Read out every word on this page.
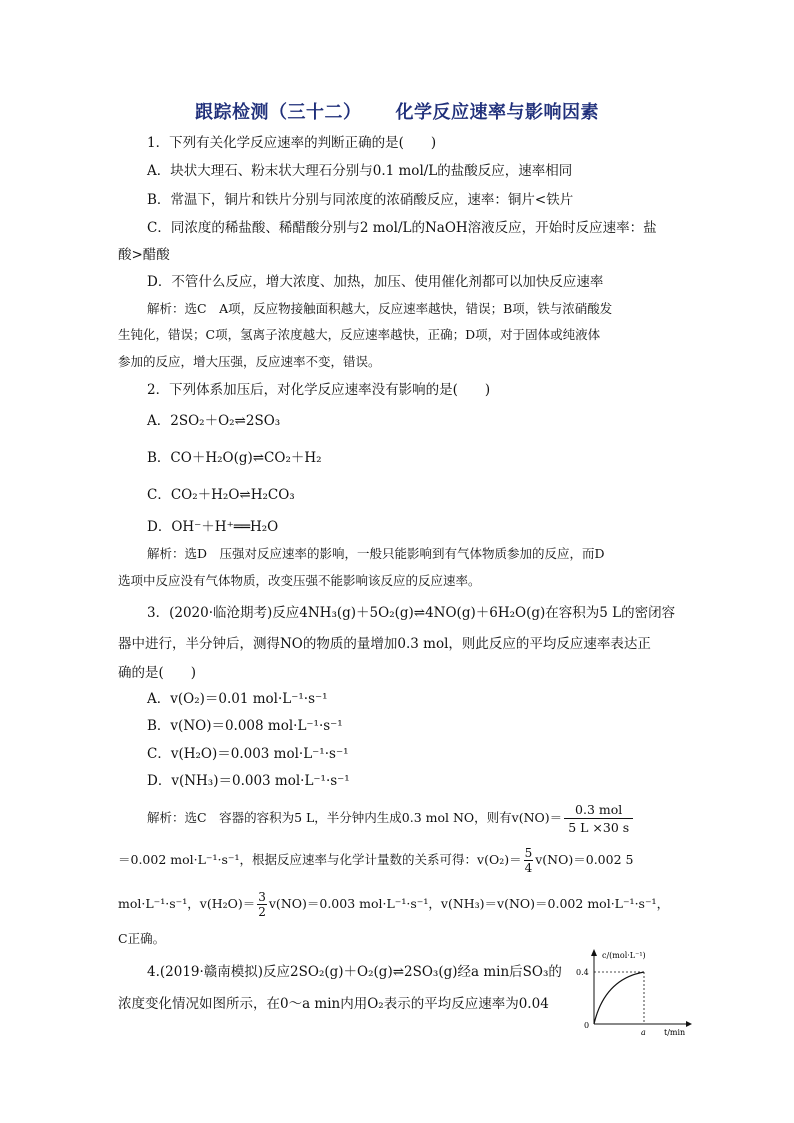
跟踪检测（三十二） 化学反应速率与影响因素
1．下列有关化学反应速率的判断正确的是(　　)
A．块状大理石、粉末状大理石分别与0.1 mol/L的盐酸反应，速率相同
B．常温下，铜片和铁片分别与同浓度的浓硝酸反应，速率：铜片<铁片
C．同浓度的稀盐酸、稀醋酸分别与2 mol/L的NaOH溶液反应，开始时反应速率：盐
酸>醋酸
D．不管什么反应，增大浓度、加热，加压、使用催化剂都可以加快反应速率
解析：选C　A项，反应物接触面积越大，反应速率越快，错误；B项，铁与浓硝酸发
生钝化，错误；C项，氢离子浓度越大，反应速率越快，正确；D项，对于固体或纯液体
参加的反应，增大压强，反应速率不变，错误。
2．下列体系加压后，对化学反应速率没有影响的是(　　)
A．2SO₂＋O₂⇌2SO₃
B．CO＋H₂O(g)⇌CO₂＋H₂
C．CO₂＋H₂O⇌H₂CO₃
D．OH⁻＋H⁺══H₂O
解析：选D　压强对反应速率的影响，一般只能影响到有气体物质参加的反应，而D
选项中反应没有气体物质，改变压强不能影响该反应的反应速率。
3．(2020·临沧期考)反应4NH₃(g)＋5O₂(g)⇌4NO(g)＋6H₂O(g)在容积为5 L的密闭容
器中进行，半分钟后，测得NO的物质的量增加0.3 mol，则此反应的平均反应速率表达正
确的是(　　)
A．v(O₂)＝0.01 mol·L⁻¹·s⁻¹
B．v(NO)＝0.008 mol·L⁻¹·s⁻¹
C．v(H₂O)＝0.003 mol·L⁻¹·s⁻¹
D．v(NH₃)＝0.003 mol·L⁻¹·s⁻¹
解析：选C　容器的容积为5 L，半分钟内生成0.3 mol NO，则有$v(NO)= \frac{\text{0.3 mol}}{5 L \times 30 s}$
＝0.002 mol·L⁻¹·s⁻¹，根据反应速率与化学计量数的关系可得：$v(O_2)= \frac{5}{4} v(NO)=0.002$ 5
mol·L⁻¹·s⁻¹，$v(H_2O)= \frac{3}{2} v(NO)=0.003$ mol·L⁻¹·s⁻¹，v(NH₃)＝v(NO)＝0.002 mol·L⁻¹·s⁻¹，
C正确。
4.(2019·赣南模拟)反应2SO₂(g)＋O₂(g)⇌2SO₃(g)经a min后SO₃的
浓度变化情况如图所示，在0～a min内用O₂表示的平均反应速率为0.04
c/(mol·L⁻¹)
0.4
0
a t/min
